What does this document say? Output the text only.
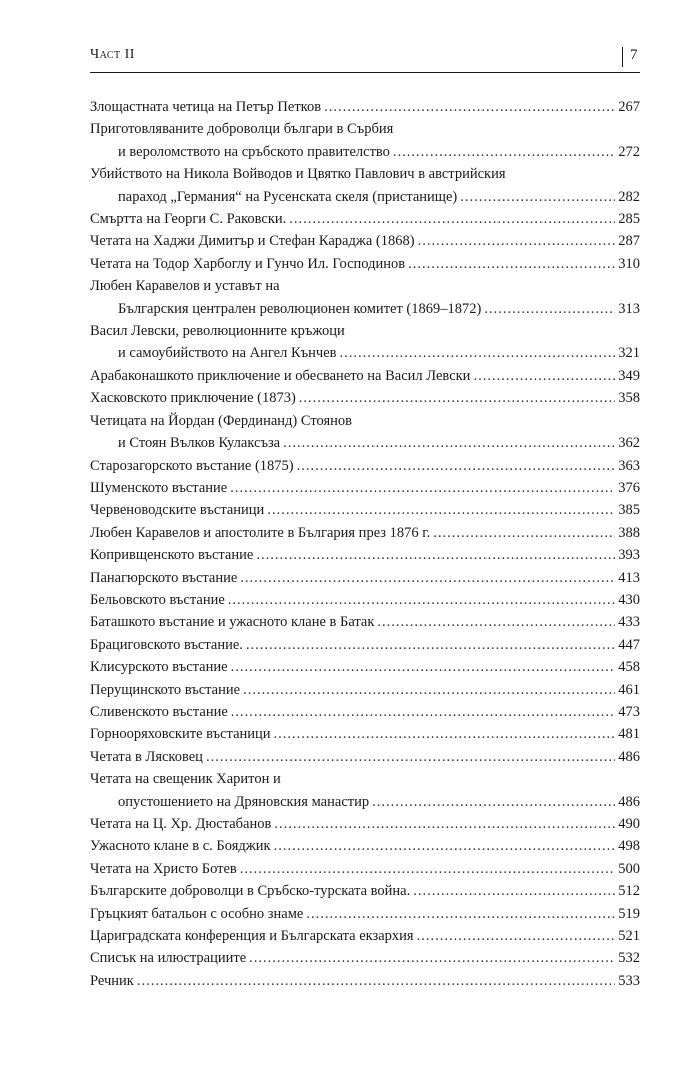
Част II	7
Злощастната четица на Петър Петков .....	267
Приготовляваните доброволци българи в Сърбия
и вероломството на сръбското правителство .....	272
Убийството на Никола Войводов и Цвятко Павлович в австрийския
параход „Германия“ на Русенската скеля (пристанище) .....	282
Смъртта на Георги С. Раковски. .....	285
Четата на Хаджи Димитър и Стефан Караджа (1868) .....	287
Четата на Тодор Харбоглу и Гунчо Ил. Господинов .....	310
Любен Каравелов и уставът на
Българския централен революционен комитет (1869–1872) .....	313
Васил Левски, революционните кръжоци
и самоубийството на Ангел Кънчев .....	321
Арабаконашкото приключение и обесването на Васил Левски .....	349
Хасковското приключение (1873) .....	358
Четицата на Йордан (Фердинанд) Стоянов
и Стоян Вълков Кулаксъза .....	362
Старозагорското въстание (1875) .....	363
Шуменското въстание .....	376
Червеноводските въстаници .....	385
Любен Каравелов и апостолите в България през 1876 г. .....	388
Копривщенското въстание .....	393
Панагюрското въстание .....	413
Бельовското въстание .....	430
Баташкото въстание и ужасното клане в Батак .....	433
Брациговското въстание. .....	447
Клисурското въстание .....	458
Перущинското въстание .....	461
Сливенското въстание .....	473
Горнооряховските въстаници .....	481
Четата в Лясковец .....	486
Четата на свещеник Харитон и
опустошението на Дряновския манастир .....	486
Четата на Ц. Хр. Дюстабанов .....	490
Ужасното клане в с. Бояджик .....	498
Четата на Христо Ботев .....	500
Българските доброволци в Сръбско-турската война. .....	512
Гръцкият батальон с особно знаме .....	519
Цариградската конференция и Българската екзархия .....	521
Списък на илюстрациите .....	532
Речник .....	533
